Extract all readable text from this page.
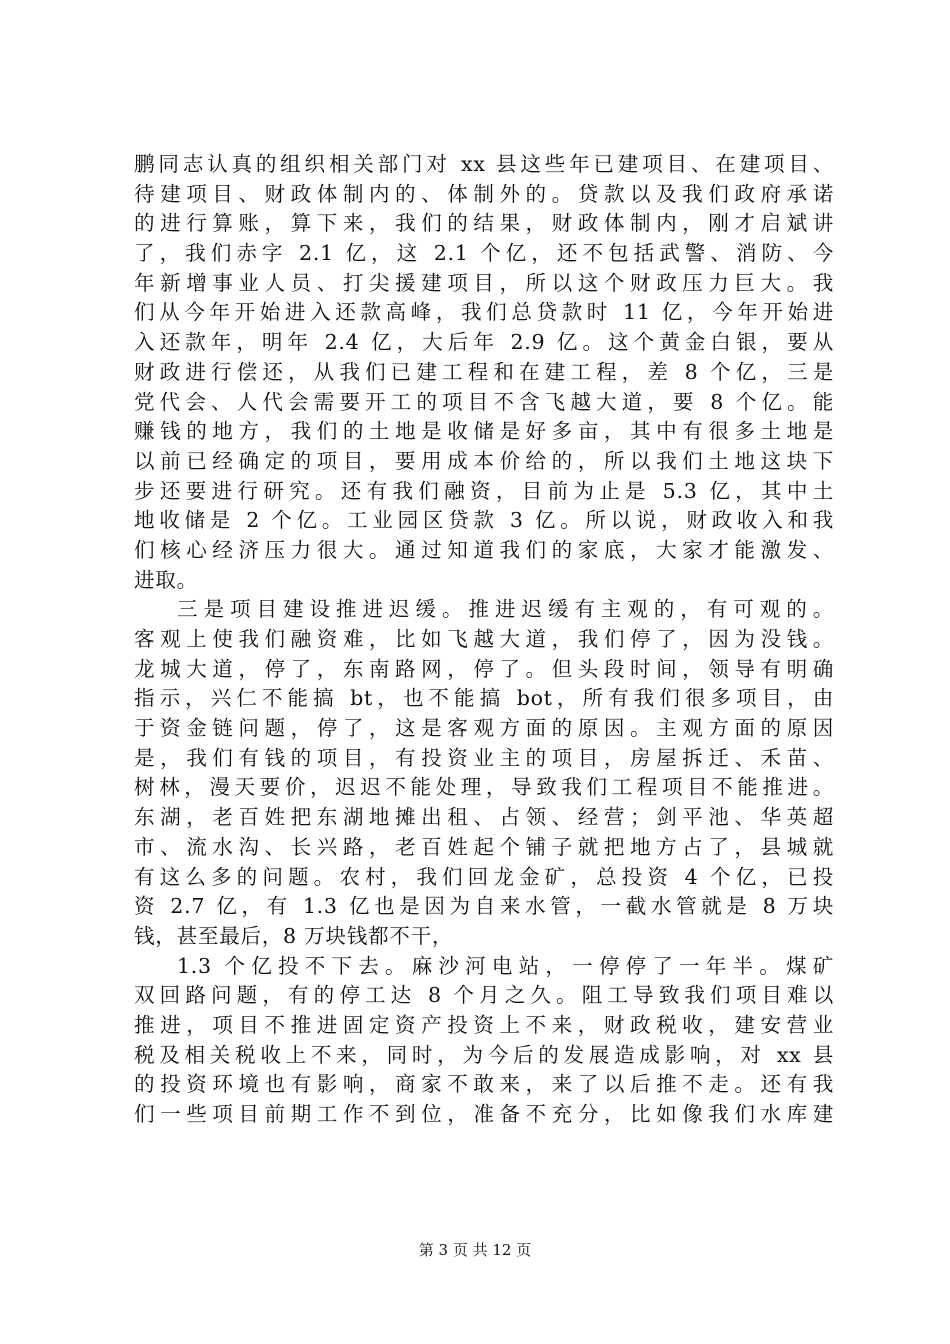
鹏同志认真的组织相关部门对 xx 县这些年已建项目、在建项目、
待建项目、财政体制内的、体制外的。贷款以及我们政府承诺
的进行算账，算下来，我们的结果，财政体制内，刚才启斌讲
了，我们赤字 2.1 亿，这 2.1 个亿，还不包括武警、消防、今
年新增事业人员、打尖援建项目，所以这个财政压力巨大。我
们从今年开始进入还款高峰，我们总贷款时 11 亿，今年开始进
入还款年，明年 2.4 亿，大后年 2.9 亿。这个黄金白银，要从
财政进行偿还，从我们已建工程和在建工程，差 8 个亿，三是
党代会、人代会需要开工的项目不含飞越大道，要 8 个亿。能
赚钱的地方，我们的土地是收储是好多亩，其中有很多土地是
以前已经确定的项目，要用成本价给的，所以我们土地这块下
步还要进行研究。还有我们融资，目前为止是 5.3 亿，其中土
地收储是 2 个亿。工业园区贷款 3 亿。所以说，财政收入和我
们核心经济压力很大。通过知道我们的家底，大家才能激发、
进取。
三是项目建设推进迟缓。推进迟缓有主观的，有可观的。
客观上使我们融资难，比如飞越大道，我们停了，因为没钱。
龙城大道，停了，东南路网，停了。但头段时间，领导有明确
指示，兴仁不能搞 bt，也不能搞 bot，所有我们很多项目，由
于资金链问题，停了，这是客观方面的原因。主观方面的原因
是，我们有钱的项目，有投资业主的项目，房屋拆迁、禾苗、
树林，漫天要价，迟迟不能处理，导致我们工程项目不能推进。
东湖，老百姓把东湖地摊出租、占领、经营；剑平池、华英超
市、流水沟、长兴路，老百姓起个铺子就把地方占了，县城就
有这么多的问题。农村，我们回龙金矿，总投资 4 个亿，已投
资 2.7 亿，有 1.3 亿也是因为自来水管，一截水管就是 8 万块
钱，甚至最后，8 万块钱都不干，
1.3 个亿投不下去。麻沙河电站，一停停了一年半。煤矿
双回路问题，有的停工达 8 个月之久。阻工导致我们项目难以
推进，项目不推进固定资产投资上不来，财政税收，建安营业
税及相关税收上不来，同时，为今后的发展造成影响，对 xx 县
的投资环境也有影响，商家不敢来，来了以后推不走。还有我
们一些项目前期工作不到位，准备不充分，比如像我们水库建
第 3 页 共 12 页
